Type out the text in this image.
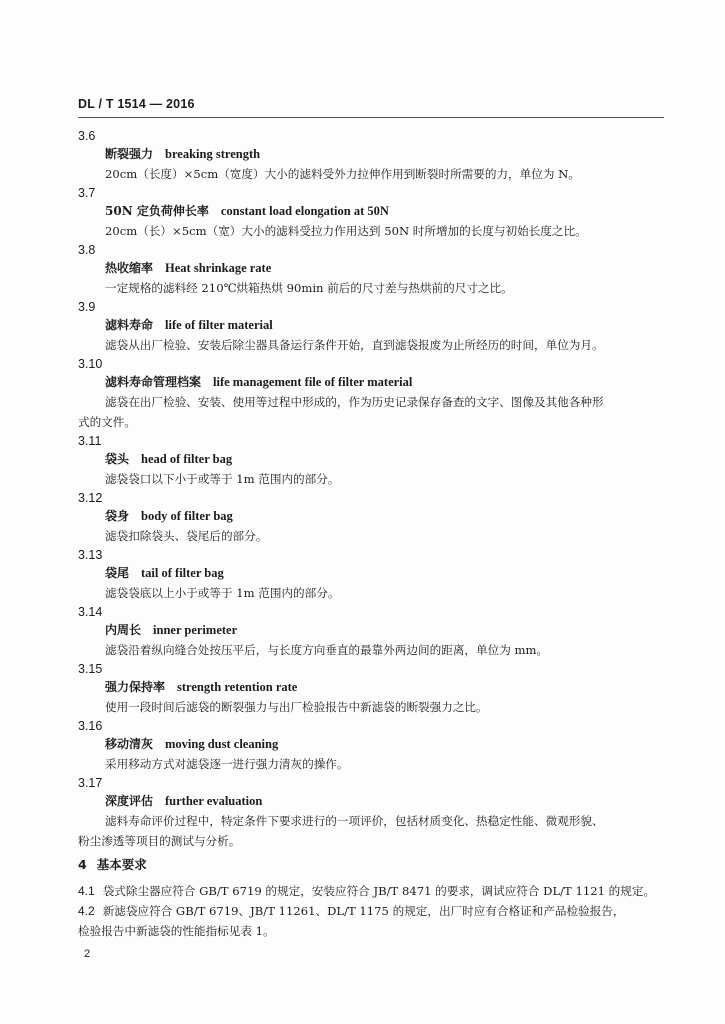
DL / T 1514 — 2016
3.6
断裂强力 breaking strength
20cm（长度）×5cm（宽度）大小的滤料受外力拉伸作用到断裂时所需要的力，单位为 N。
3.7
50N 定负荷伸长率 constant load elongation at 50N
20cm（长）×5cm（宽）大小的滤料受拉力作用达到 50N 时所增加的长度与初始长度之比。
3.8
热收缩率 Heat shrinkage rate
一定规格的滤料经 210℃烘箱热烘 90min 前后的尺寸差与热烘前的尺寸之比。
3.9
滤料寿命 life of filter material
滤袋从出厂检验、安装后除尘器具备运行条件开始，直到滤袋报废为止所经历的时间，单位为月。
3.10
滤料寿命管理档案 life management file of filter material
滤袋在出厂检验、安装、使用等过程中形成的，作为历史记录保存备查的文字、图像及其他各种形
式的文件。
3.11
袋头 head of filter bag
滤袋袋口以下小于或等于 1m 范围内的部分。
3.12
袋身 body of filter bag
滤袋扣除袋头、袋尾后的部分。
3.13
袋尾 tail of filter bag
滤袋袋底以上小于或等于 1m 范围内的部分。
3.14
内周长 inner perimeter
滤袋沿着纵向缝合处按压平后，与长度方向垂直的最靠外两边间的距离，单位为 mm。
3.15
强力保持率 strength retention rate
使用一段时间后滤袋的断裂强力与出厂检验报告中新滤袋的断裂强力之比。
3.16
移动清灰 moving dust cleaning
采用移动方式对滤袋逐一进行强力清灰的操作。
3.17
深度评估 further evaluation
滤料寿命评价过程中，特定条件下要求进行的一项评价，包括材质变化、热稳定性能、微观形貌、
粉尘渗透等项目的测试与分析。
4 基本要求
4.1 袋式除尘器应符合 GB/T 6719 的规定，安装应符合 JB/T 8471 的要求，调试应符合 DL/T 1121 的规定。
4.2 新滤袋应符合 GB/T 6719、JB/T 11261、DL/T 1175 的规定，出厂时应有合格证和产品检验报告，
检验报告中新滤袋的性能指标见表 1。
2
